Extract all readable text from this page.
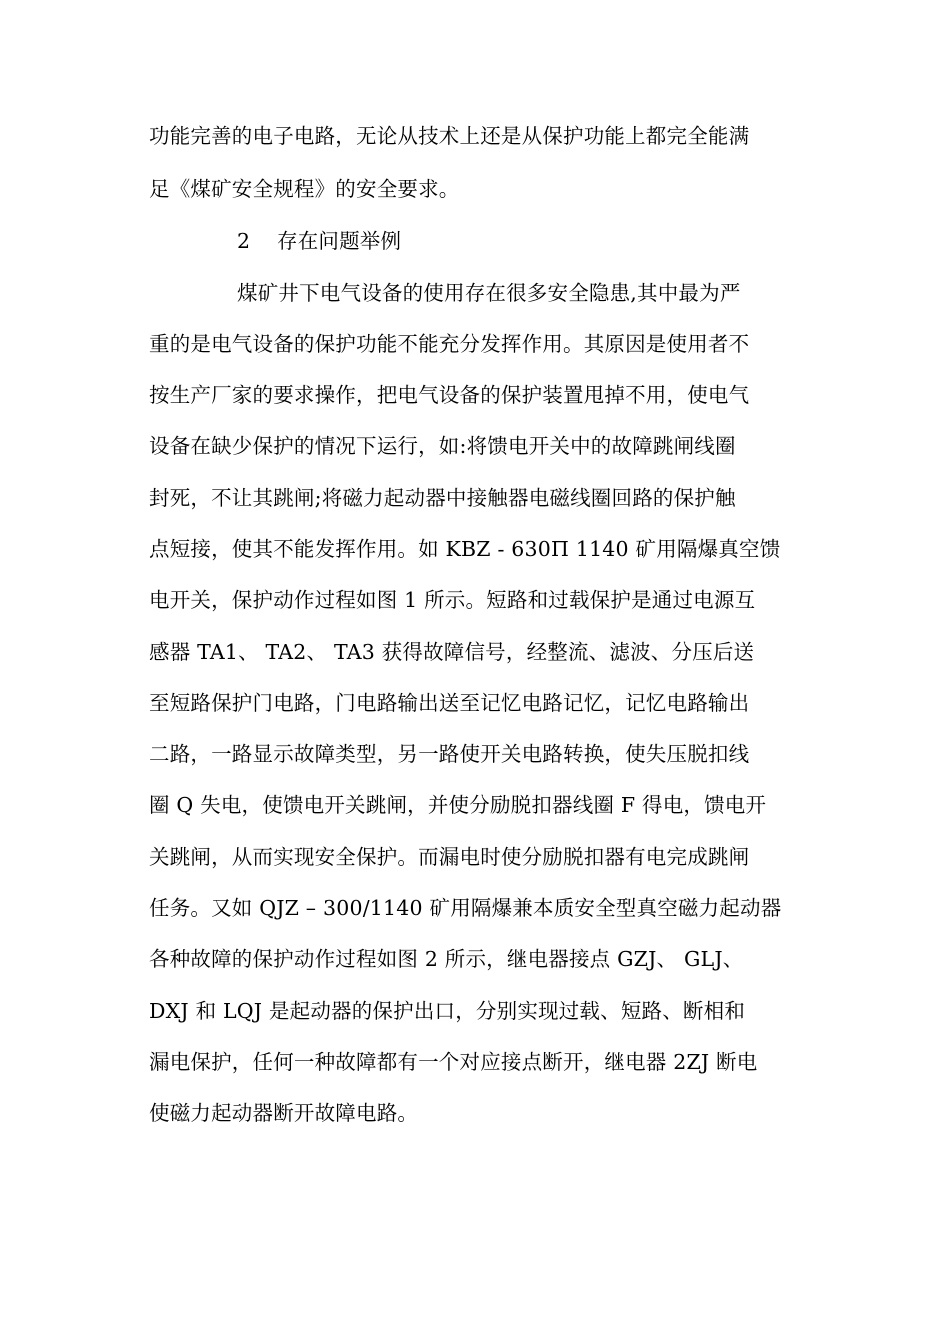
功能完善的电子电路，无论从技术上还是从保护功能上都完全能满
足《煤矿安全规程》的安全要求。
2 存在问题举例
煤矿井下电气设备的使用存在很多安全隐患,其中最为严
重的是电气设备的保护功能不能充分发挥作用。其原因是使用者不
按生产厂家的要求操作，把电气设备的保护装置甩掉不用，使电气
设备在缺少保护的情况下运行，如:将馈电开关中的故障跳闸线圈
封死，不让其跳闸;将磁力起动器中接触器电磁线圈回路的保护触
点短接，使其不能发挥作用。如 KBZ - 630Π 1140 矿用隔爆真空馈
电开关，保护动作过程如图 1 所示。短路和过载保护是通过电源互
感器 TA1、 TA2、 TA3 获得故障信号，经整流、滤波、分压后送
至短路保护门电路，门电路输出送至记忆电路记忆，记忆电路输出
二路，一路显示故障类型，另一路使开关电路转换，使失压脱扣线
圈 Q 失电，使馈电开关跳闸，并使分励脱扣器线圈 F 得电，馈电开
关跳闸，从而实现安全保护。而漏电时使分励脱扣器有电完成跳闸
任务。又如 QJZ – 300/1140 矿用隔爆兼本质安全型真空磁力起动器
各种故障的保护动作过程如图 2 所示，继电器接点 GZJ、 GLJ、
DXJ 和 LQJ 是起动器的保护出口，分别实现过载、短路、断相和
漏电保护，任何一种故障都有一个对应接点断开，继电器 2ZJ 断电
使磁力起动器断开故障电路。
